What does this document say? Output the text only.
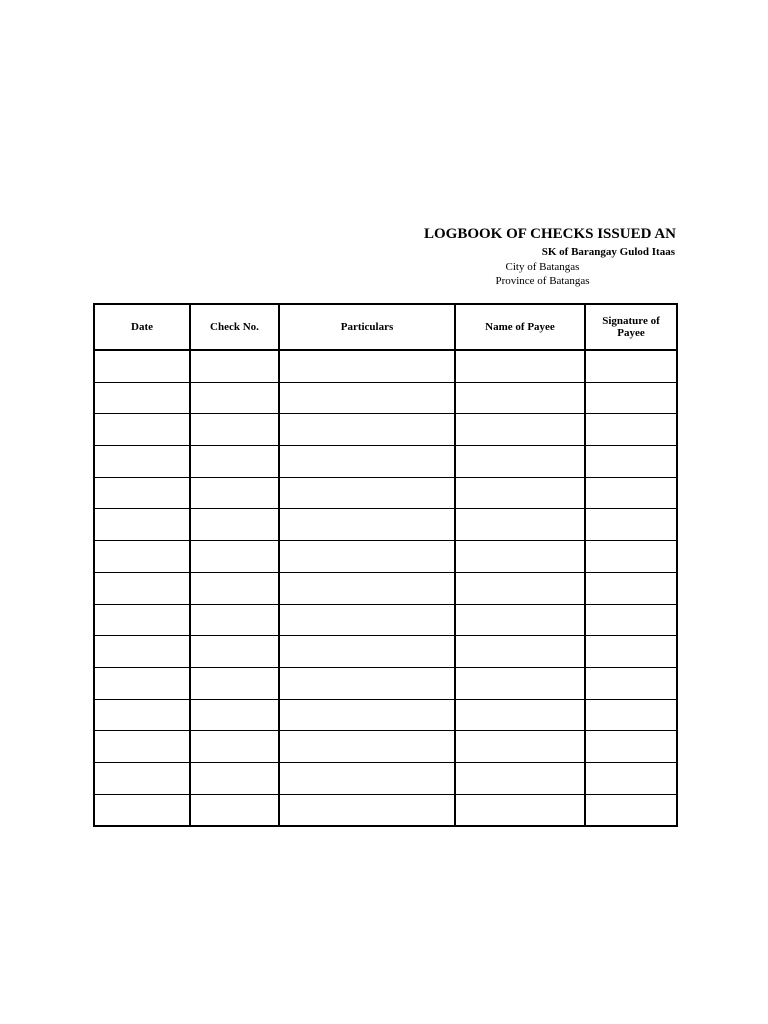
LOGBOOK OF CHECKS ISSUED AN
SK of Barangay Gulod Itaas
City of Batangas
Province of Batangas
Date	Check No.	Particulars	Name of Payee	Signature of Payee
